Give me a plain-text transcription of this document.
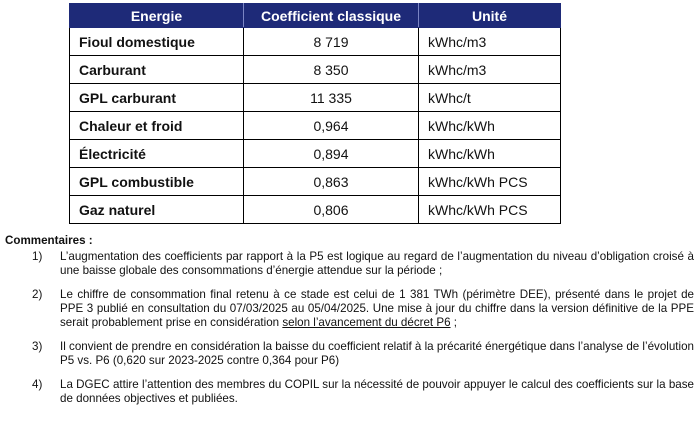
Energie	Coefficient classique	Unité
Fioul domestique	8 719	kWhc/m3
Carburant	8 350	kWhc/m3
GPL carburant	11 335	kWhc/t
Chaleur et froid	0,964	kWhc/kWh
Électricité	0,894	kWhc/kWh
GPL combustible	0,863	kWhc/kWh PCS
Gaz naturel	0,806	kWhc/kWh PCS
Commentaires :
1)	L’augmentation des coefficients par rapport à la P5 est logique au regard de l’augmentation du niveau d’obligation croisé à une baisse globale des consommations d’énergie attendue sur la période ;
2)	Le chiffre de consommation final retenu à ce stade est celui de 1 381 TWh (périmètre DEE), présenté dans le projet de PPE 3 publié en consultation du 07/03/2025 au 05/04/2025. Une mise à jour du chiffre dans la version définitive de la PPE serait probablement prise en considération selon l’avancement du décret P6 ;
3)	Il convient de prendre en considération la baisse du coefficient relatif à la précarité énergétique dans l’analyse de l’évolution P5 vs. P6 (0,620 sur 2023-2025 contre 0,364 pour P6)
4)	La DGEC attire l’attention des membres du COPIL sur la nécessité de pouvoir appuyer le calcul des coefficients sur la base de données objectives et publiées.
